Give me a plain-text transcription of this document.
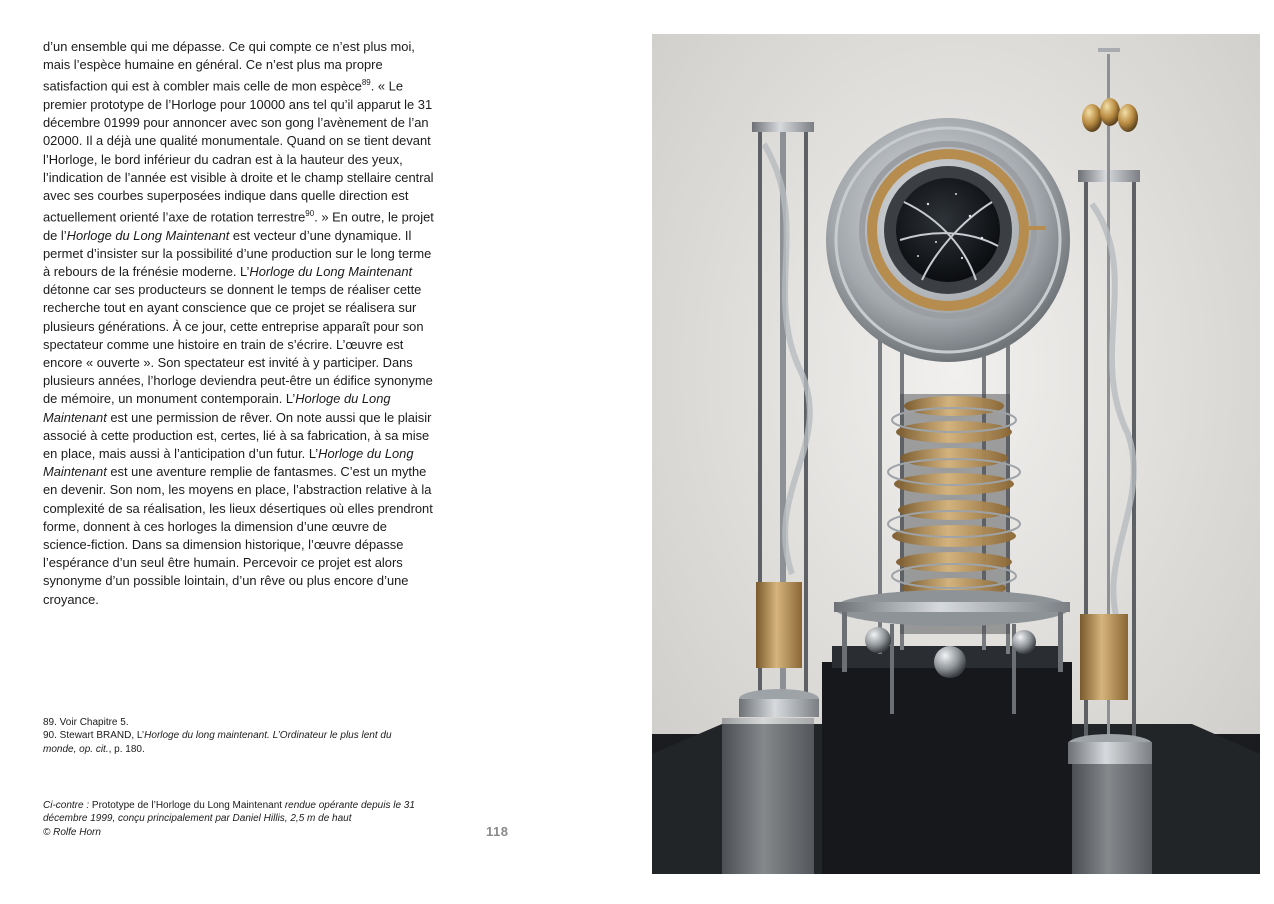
d’un ensemble qui me dépasse. Ce qui compte ce n’est plus moi, mais l’espèce humaine en général. Ce n’est plus ma propre satisfaction qui est à combler mais celle de mon espèce$^{89}$. « Le premier prototype de l’Horloge pour 10000 ans tel qu’il apparut le 31 décembre 01999 pour annoncer avec son gong l’avènement de l’an 02000. Il a déjà une qualité monumentale. Quand on se tient devant l’Horloge, le bord inférieur du cadran est à la hauteur des yeux, l’indication de l’année est visible à droite et le champ stellaire central avec ses courbes superposées indique dans quelle direction est actuellement orienté l’axe de rotation terrestre$^{90}$. » En outre, le projet de l’Horloge du Long Maintenant est vecteur d’une dynamique. Il permet d’insister sur la possibilité d’une production sur le long terme à rebours de la frénésie moderne. L’Horloge du Long Maintenant détonne car ses producteurs se donnent le temps de réaliser cette recherche tout en ayant conscience que ce projet se réalisera sur plusieurs générations. À ce jour, cette entreprise apparaît pour son spectateur comme une histoire en train de s’écrire. L’œuvre est encore « ouverte ». Son spectateur est invité à y participer. Dans plusieurs années, l’horloge deviendra peut-être un édifice synonyme de mémoire, un monument contemporain. L’Horloge du Long Maintenant est une permission de rêver. On note aussi que le plaisir associé à cette production est, certes, lié à sa fabrication, à sa mise en place, mais aussi à l’anticipation d’un futur. L’Horloge du Long Maintenant est une aventure remplie de fantasmes. C’est un mythe en devenir. Son nom, les moyens en place, l’abstraction relative à la complexité de sa réalisation, les lieux désertiques où elles prendront forme, donnent à ces horloges la dimension d’une œuvre de science-fiction. Dans sa dimension historique, l’œuvre dépasse l’espérance d’un seul être humain. Percevoir ce projet est alors synonyme d’un possible lointain, d’un rêve ou plus encore d’une croyance.

89. Voir Chapitre 5.

90. Stewart BRAND, L’Horloge du long maintenant. L’Ordinateur le plus lent du monde, op. cit., p. 180.

Ci-contre : Prototype de l’Horloge du Long Maintenant rendue opérante depuis le 31 décembre 1999, conçu principalement par Daniel Hillis, 2,5 m de haut

© Rolfe Horn	118
